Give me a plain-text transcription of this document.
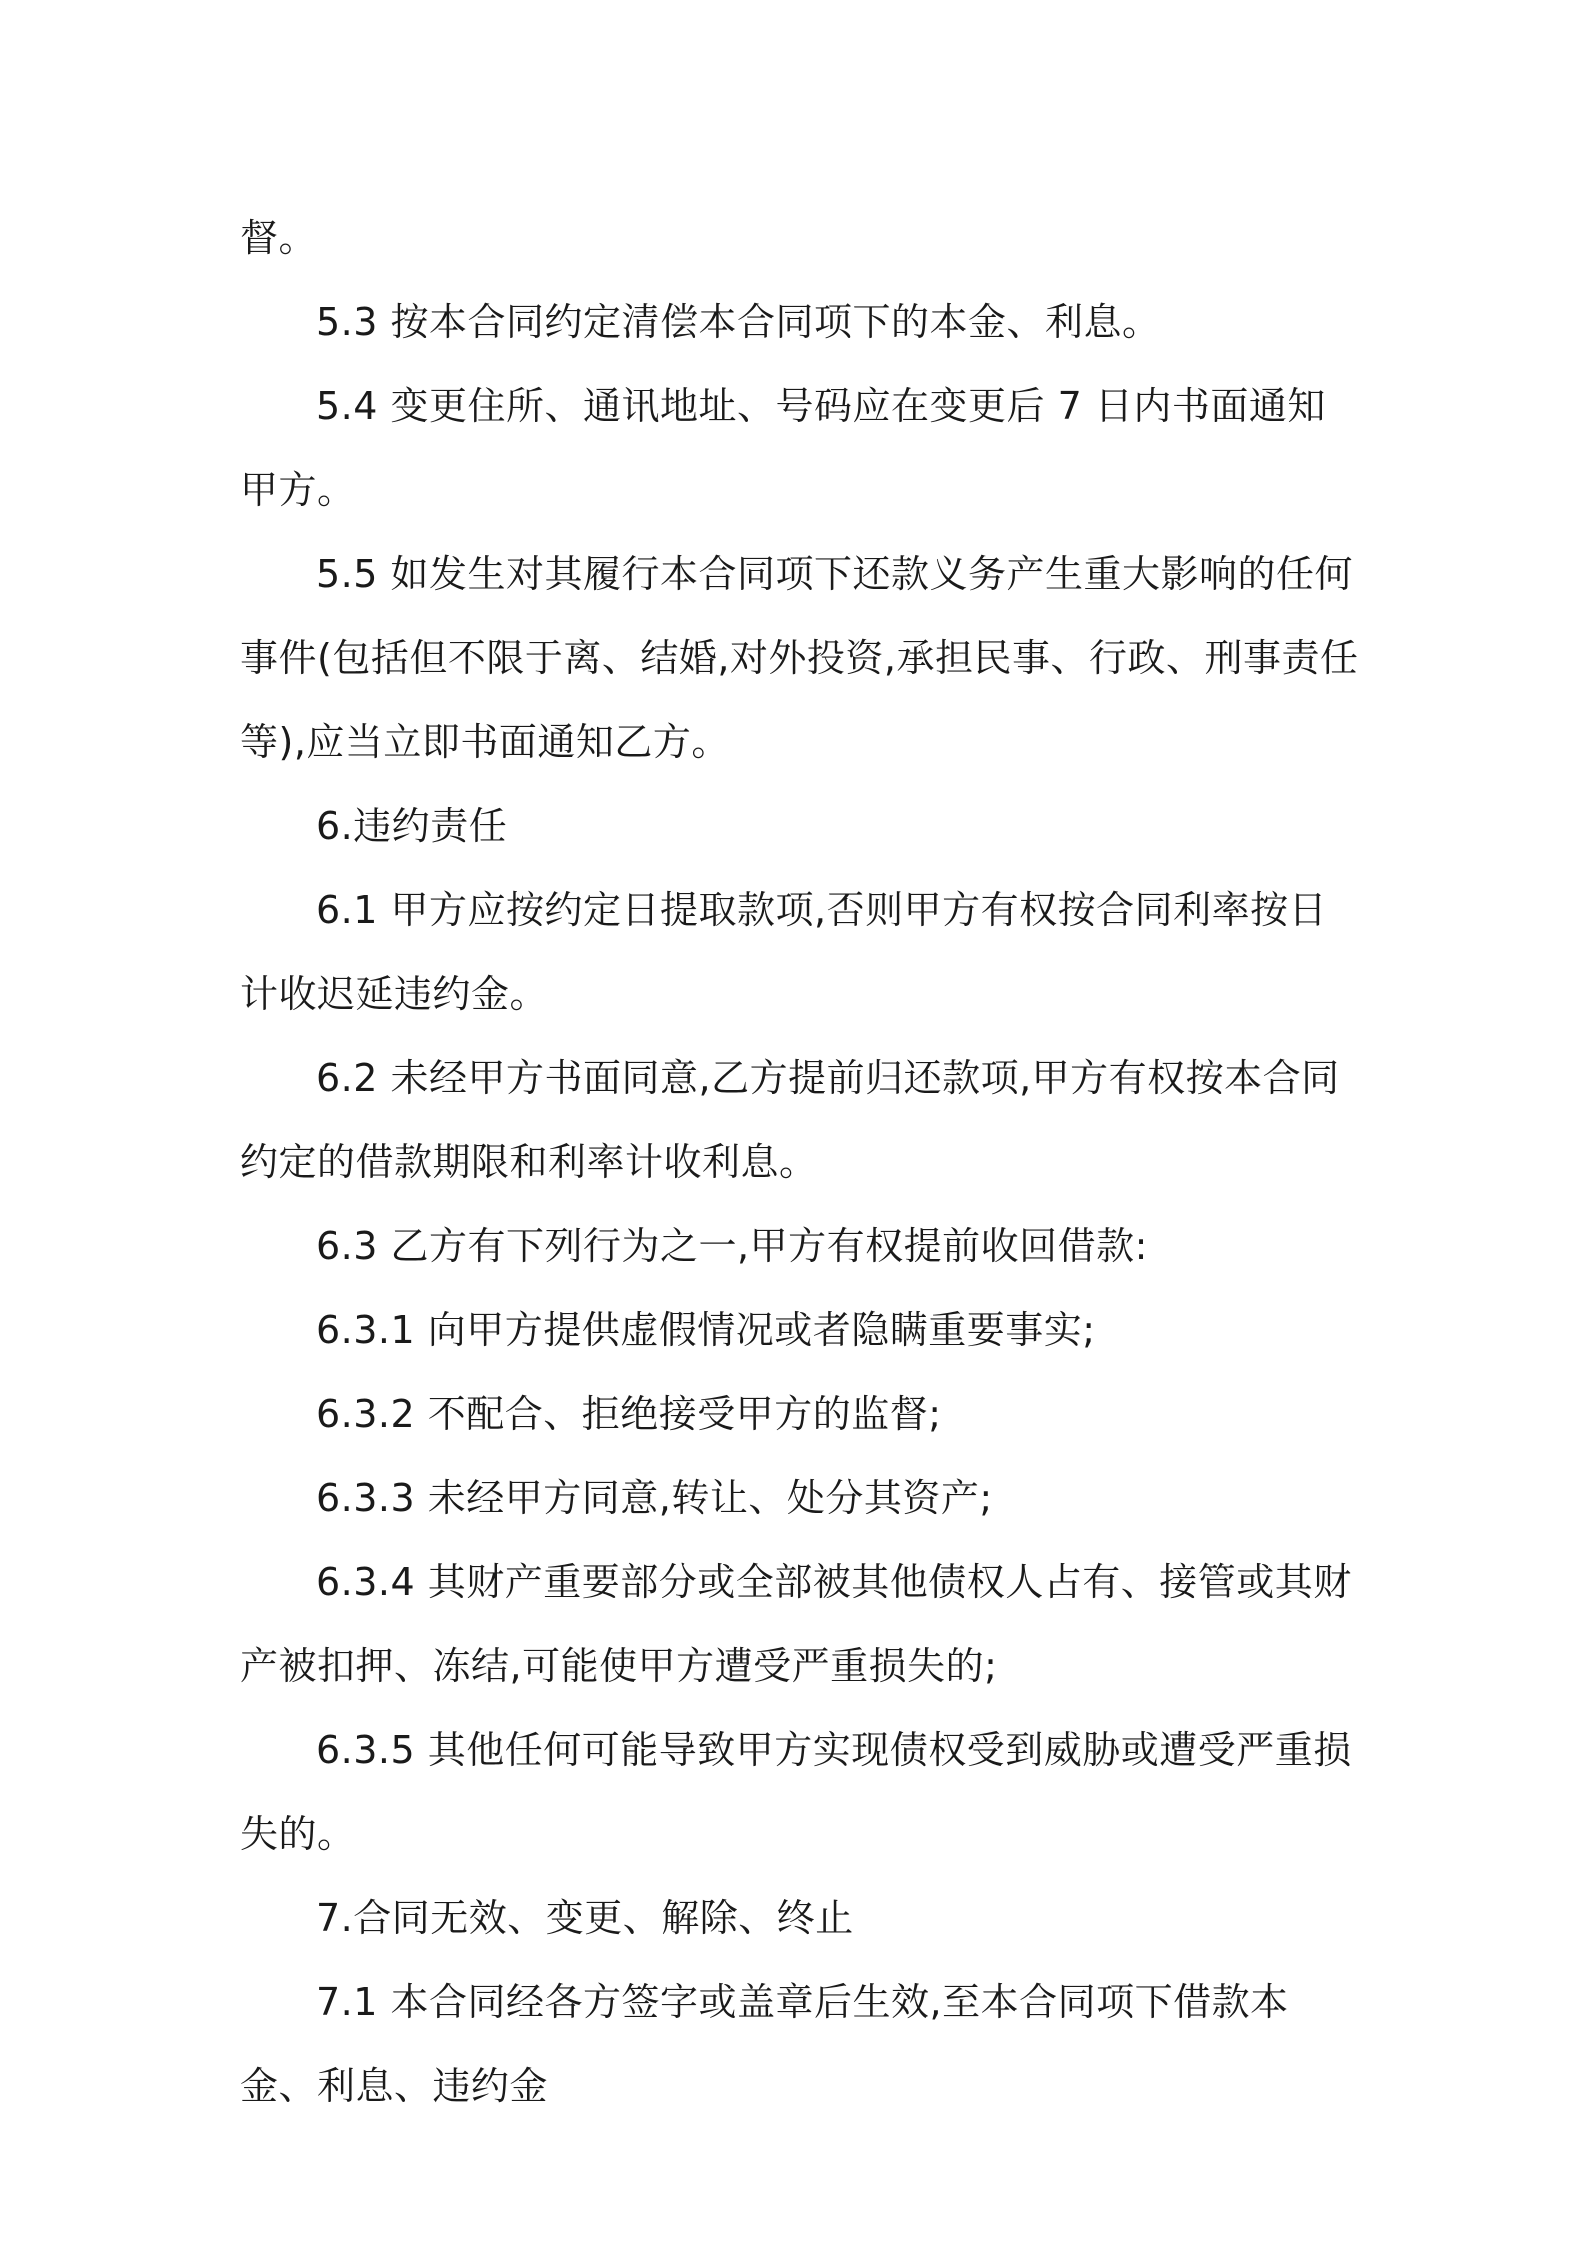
督。

5.3 按本合同约定清偿本合同项下的本金、利息。

5.4 变更住所、通讯地址、号码应在变更后 7 日内书面通知甲方。

5.5 如发生对其履行本合同项下还款义务产生重大影响的任何事件(包括但不限于离、结婚,对外投资,承担民事、行政、刑事责任等),应当立即书面通知乙方。

6.违约责任

6.1 甲方应按约定日提取款项,否则甲方有权按合同利率按日计收迟延违约金。

6.2 未经甲方书面同意,乙方提前归还款项,甲方有权按本合同约定的借款期限和利率计收利息。

6.3 乙方有下列行为之一,甲方有权提前收回借款:

6.3.1 向甲方提供虚假情况或者隐瞒重要事实;

6.3.2 不配合、拒绝接受甲方的监督;

6.3.3 未经甲方同意,转让、处分其资产;

6.3.4 其财产重要部分或全部被其他债权人占有、接管或其财产被扣押、冻结,可能使甲方遭受严重损失的;

6.3.5 其他任何可能导致甲方实现债权受到威胁或遭受严重损失的。

7.合同无效、变更、解除、终止

7.1 本合同经各方签字或盖章后生效,至本合同项下借款本金、利息、违约金
